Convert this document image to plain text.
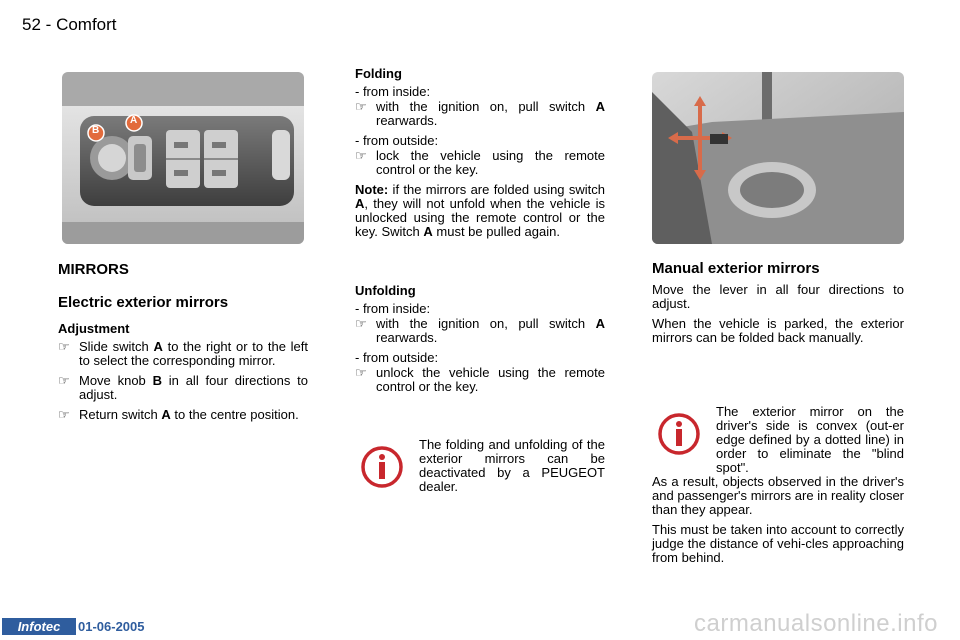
52 - Comfort
B
A
MIRRORS
Electric exterior mirrors
Adjustment
☞ Slide switch A to the right or to the left to select the corresponding mirror.
☞ Move knob B in all four directions to adjust.
☞ Return switch A to the centre position.
Folding
- from inside:
☞ with the ignition on, pull switch A rearwards.
- from outside:
☞ lock the vehicle using the remote control or the key.

Note: if the mirrors are folded using switch A, they will not unfold when the vehicle is unlocked using the remote control or the key. Switch A must be pulled again.

Unfolding
- from inside:
☞ with the ignition on, pull switch A rearwards.
- from outside:
☞ unlock the vehicle using the remote control or the key.
The folding and unfolding of the exterior mirrors can be deactivated by a PEUGEOT dealer.
Manual exterior mirrors

Move the lever in all four directions to adjust.

When the vehicle is parked, the exterior mirrors can be folded back manually.

The exterior mirror on the driver's side is convex (out-er edge defined by a dotted line) in order to eliminate the "blind spot".

As a result, objects observed in the driver's and passenger's mirrors are in reality closer than they appear.

This must be taken into account to correctly judge the distance of vehi-cles approaching from behind.

Infotec	01-06-2005	carmanualsonline.info
